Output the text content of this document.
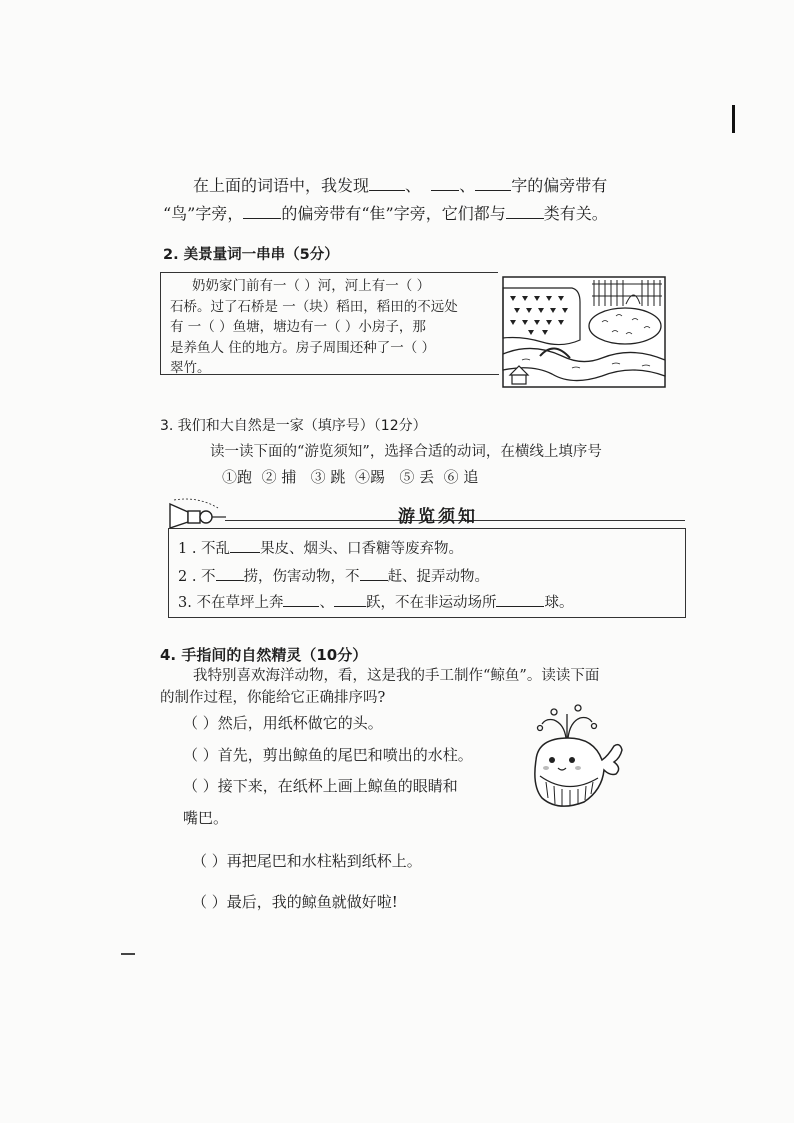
在上面的词语中，我发现 、 、 字的偏旁带有
“鸟”字旁， 的偏旁带有“隹”字旁，它们都与 类有关。
2. 美景量词一串串（5分）
奶奶家门前有一（ ）河，河上有一（ ）
石桥。过了石桥是 一（块）稻田，稻田的不远处
有 一（ ）鱼塘，塘边有一（ ）小房子，那
是养鱼人 住的地方。房子周围还种了一（ ）
翠竹。
3. 我们和大自然是一家（填序号）（12分）
读一读下面的“游览须知”，选择合适的动词，在横线上填序号
①跑 ② 捕 ③ 跳 ④踢 ⑤ 丢 ⑥ 追
游览须知
1 . 不乱 果皮、烟头、口香糖等废弃物。
2 . 不 捞，伤害动物，不 赶、捉弄动物。
3. 不在草坪上奔 、 跃，不在非运动场所	球。
4. 手指间的自然精灵（10分）
我特别喜欢海洋动物，看，这是我的手工制作“鲸鱼”。读读下面
的制作过程，你能给它正确排序吗?
（ ）然后，用纸杯做它的头。
（ ）首先，剪出鲸鱼的尾巴和喷出的水柱。
（ ）接下来，在纸杯上画上鲸鱼的眼睛和
嘴巴。
（ ）再把尾巴和水柱粘到纸杯上。
（ ）最后，我的鲸鱼就做好啦!
